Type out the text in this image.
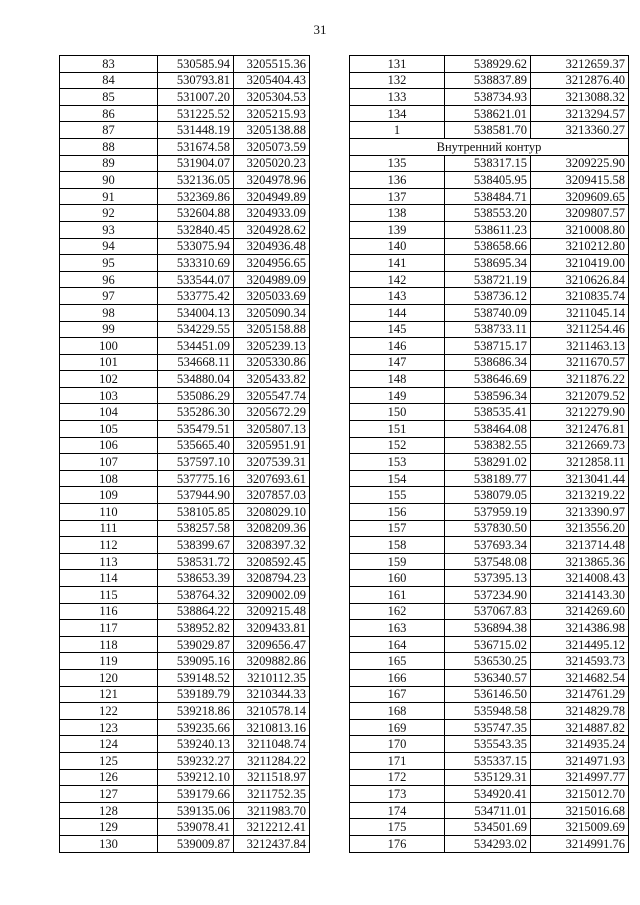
31
83	530585.94	3205515.36
84	530793.81	3205404.43
85	531007.20	3205304.53
86	531225.52	3205215.93
87	531448.19	3205138.88
88	531674.58	3205073.59
89	531904.07	3205020.23
90	532136.05	3204978.96
91	532369.86	3204949.89
92	532604.88	3204933.09
93	532840.45	3204928.62
94	533075.94	3204936.48
95	533310.69	3204956.65
96	533544.07	3204989.09
97	533775.42	3205033.69
98	534004.13	3205090.34
99	534229.55	3205158.88
100	534451.09	3205239.13
101	534668.11	3205330.86
102	534880.04	3205433.82
103	535086.29	3205547.74
104	535286.30	3205672.29
105	535479.51	3205807.13
106	535665.40	3205951.91
107	537597.10	3207539.31
108	537775.16	3207693.61
109	537944.90	3207857.03
110	538105.85	3208029.10
111	538257.58	3208209.36
112	538399.67	3208397.32
113	538531.72	3208592.45
114	538653.39	3208794.23
115	538764.32	3209002.09
116	538864.22	3209215.48
117	538952.82	3209433.81
118	539029.87	3209656.47
119	539095.16	3209882.86
120	539148.52	3210112.35
121	539189.79	3210344.33
122	539218.86	3210578.14
123	539235.66	3210813.16
124	539240.13	3211048.74
125	539232.27	3211284.22
126	539212.10	3211518.97
127	539179.66	3211752.35
128	539135.06	3211983.70
129	539078.41	3212212.41
130	539009.87	3212437.84
131	538929.62	3212659.37
132	538837.89	3212876.40
133	538734.93	3213088.32
134	538621.01	3213294.57
1	538581.70	3213360.27
Внутренний контур		
135	538317.15	3209225.90
136	538405.95	3209415.58
137	538484.71	3209609.65
138	538553.20	3209807.57
139	538611.23	3210008.80
140	538658.66	3210212.80
141	538695.34	3210419.00
142	538721.19	3210626.84
143	538736.12	3210835.74
144	538740.09	3211045.14
145	538733.11	3211254.46
146	538715.17	3211463.13
147	538686.34	3211670.57
148	538646.69	3211876.22
149	538596.34	3212079.52
150	538535.41	3212279.90
151	538464.08	3212476.81
152	538382.55	3212669.73
153	538291.02	3212858.11
154	538189.77	3213041.44
155	538079.05	3213219.22
156	537959.19	3213390.97
157	537830.50	3213556.20
158	537693.34	3213714.48
159	537548.08	3213865.36
160	537395.13	3214008.43
161	537234.90	3214143.30
162	537067.83	3214269.60
163	536894.38	3214386.98
164	536715.02	3214495.12
165	536530.25	3214593.73
166	536340.57	3214682.54
167	536146.50	3214761.29
168	535948.58	3214829.78
169	535747.35	3214887.82
170	535543.35	3214935.24
171	535337.15	3214971.93
172	535129.31	3214997.77
173	534920.41	3215012.70
174	534711.01	3215016.68
175	534501.69	3215009.69
176	534293.02	3214991.76
